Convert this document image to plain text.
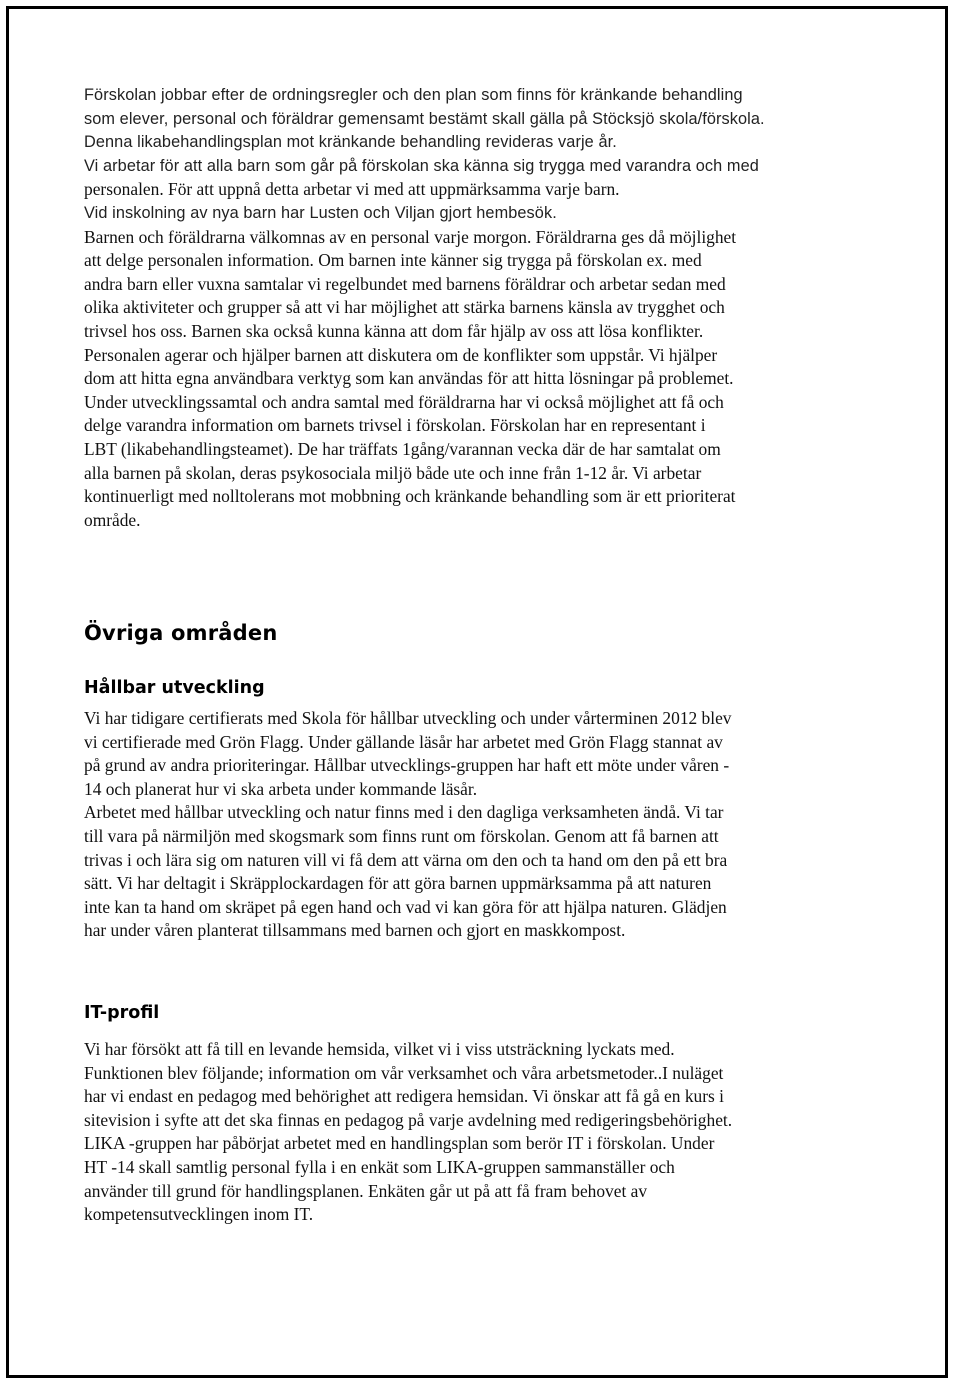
Förskolan jobbar efter de ordningsregler och den plan som finns för kränkande behandling
som elever, personal och föräldrar gemensamt bestämt skall gälla på Stöcksjö skola/förskola.
Denna likabehandlingsplan mot kränkande behandling revideras varje år.
Vi arbetar för att alla barn som går på förskolan ska känna sig trygga med varandra och med
personalen. För att uppnå detta arbetar vi med att uppmärksamma varje barn.
Vid inskolning av nya barn har Lusten och Viljan gjort hembesök.
Barnen och föräldrarna välkomnas av en personal varje morgon. Föräldrarna ges då möjlighet
att delge personalen information. Om barnen inte känner sig trygga på förskolan ex. med
andra barn eller vuxna samtalar vi regelbundet med barnens föräldrar och arbetar sedan med
olika aktiviteter och grupper så att vi har möjlighet att stärka barnens känsla av trygghet och
trivsel hos oss. Barnen ska också kunna känna att dom får hjälp av oss att lösa konflikter.
Personalen agerar och hjälper barnen att diskutera om de konflikter som uppstår. Vi hjälper
dom att hitta egna användbara verktyg som kan användas för att hitta lösningar på problemet.
Under utvecklingssamtal och andra samtal med föräldrarna har vi också möjlighet att få och
delge varandra information om barnets trivsel i förskolan. Förskolan har en representant i
LBT (likabehandlingsteamet). De har träffats 1gång/varannan vecka där de har samtalat om
alla barnen på skolan, deras psykosociala miljö både ute och inne från 1-12 år. Vi arbetar
kontinuerligt med nolltolerans mot mobbning och kränkande behandling som är ett prioriterat
område.
Övriga områden
Hållbar utveckling
Vi har tidigare certifierats med Skola för hållbar utveckling och under vårterminen 2012 blev
vi certifierade med Grön Flagg. Under gällande läsår har arbetet med Grön Flagg stannat av
på grund av andra prioriteringar. Hållbar utvecklings-gruppen har haft ett möte under våren -
14 och planerat hur vi ska arbeta under kommande läsår.
Arbetet med hållbar utveckling och natur finns med i den dagliga verksamheten ändå. Vi tar
till vara på närmiljön med skogsmark som finns runt om förskolan. Genom att få barnen att
trivas i och lära sig om naturen vill vi få dem att värna om den och ta hand om den på ett bra
sätt. Vi har deltagit i Skräpplockardagen för att göra barnen uppmärksamma på att naturen
inte kan ta hand om skräpet på egen hand och vad vi kan göra för att hjälpa naturen. Glädjen
har under våren planterat tillsammans med barnen och gjort en maskkompost.
IT-profil
Vi har försökt att få till en levande hemsida, vilket vi i viss utsträckning lyckats med.
Funktionen blev följande; information om vår verksamhet och våra arbetsmetoder..I nuläget
har vi endast en pedagog med behörighet att redigera hemsidan. Vi önskar att få gå en kurs i
sitevision i syfte att det ska finnas en pedagog på varje avdelning med redigeringsbehörighet.
LIKA -gruppen har påbörjat arbetet med en handlingsplan som berör IT i förskolan. Under
HT -14 skall samtlig personal fylla i en enkät som LIKA-gruppen sammanställer och
använder till grund för handlingsplanen. Enkäten går ut på att få fram behovet av
kompetensutvecklingen inom IT.
